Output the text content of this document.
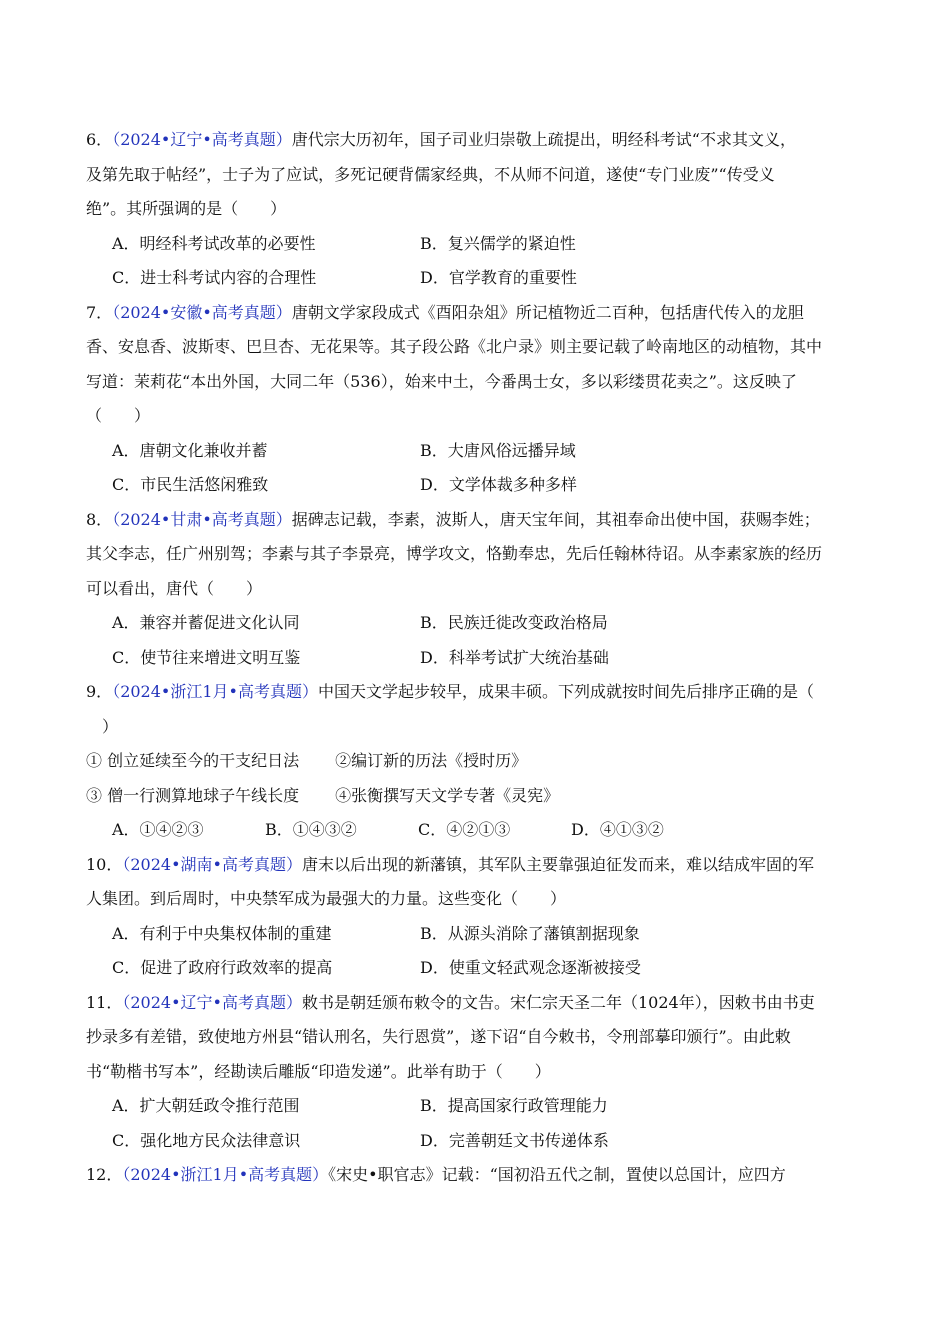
6．（2024•辽宁•高考真题）唐代宗大历初年，国子司业归崇敬上疏提出，明经科考试“不求其文义，
及第先取于帖经”，士子为了应试，多死记硬背儒家经典，不从师不问道，遂使“专门业废”“传受义
绝”。其所强调的是（　　）
A．明经科考试改革的必要性	B．复兴儒学的紧迫性
C．进士科考试内容的合理性	D．官学教育的重要性
7．（2024•安徽•高考真题）唐朝文学家段成式《酉阳杂俎》所记植物近二百种，包括唐代传入的龙胆
香、安息香、波斯枣、巴旦杏、无花果等。其子段公路《北户录》则主要记载了岭南地区的动植物，其中
写道：茉莉花“本出外国，大同二年（536），始来中土，今番禺士女，多以彩缕贯花卖之”。这反映了
（　　）
A．唐朝文化兼收并蓄	B．大唐风俗远播异域
C．市民生活悠闲雅致	D．文学体裁多种多样
8．（2024•甘肃•高考真题）据碑志记载，李素，波斯人，唐天宝年间，其祖奉命出使中国，获赐李姓；
其父李志，任广州别驾；李素与其子李景亮，博学攻文，恪勤奉忠，先后任翰林待诏。从李素家族的经历
可以看出，唐代（　　）
A．兼容并蓄促进文化认同	B．民族迁徙改变政治格局
C．使节往来增进文明互鉴	D．科举考试扩大统治基础
9．（2024•浙江1月•高考真题）中国天文学起步较早，成果丰硕。下列成就按时间先后排序正确的是（
）
① 创立延续至今的干支纪日法 ②编订新的历法《授时历》
③ 僧一行测算地球子午线长度 ④张衡撰写天文学专著《灵宪》
A．①④②③	B．①④③②	C．④②①③	D．④①③②
10．（2024•湖南•高考真题）唐末以后出现的新藩镇，其军队主要靠强迫征发而来，难以结成牢固的军
人集团。到后周时，中央禁军成为最强大的力量。这些变化（　　）
A．有利于中央集权体制的重建	B．从源头消除了藩镇割据现象
C．促进了政府行政效率的提高	D．使重文轻武观念逐渐被接受
11．（2024•辽宁•高考真题）敕书是朝廷颁布敕令的文告。宋仁宗天圣二年（1024年），因敕书由书吏
抄录多有差错，致使地方州县“错认刑名，失行恩赏”，遂下诏“自今敕书，令刑部摹印颁行”。由此敕
书“勒楷书写本”，经勘读后雕版“印造发递”。此举有助于（　　）
A．扩大朝廷政令推行范围	B．提高国家行政管理能力
C．强化地方民众法律意识	D．完善朝廷文书传递体系
12．（2024•浙江1月•高考真题）《宋史•职官志》记载：“国初沿五代之制，置使以总国计，应四方
